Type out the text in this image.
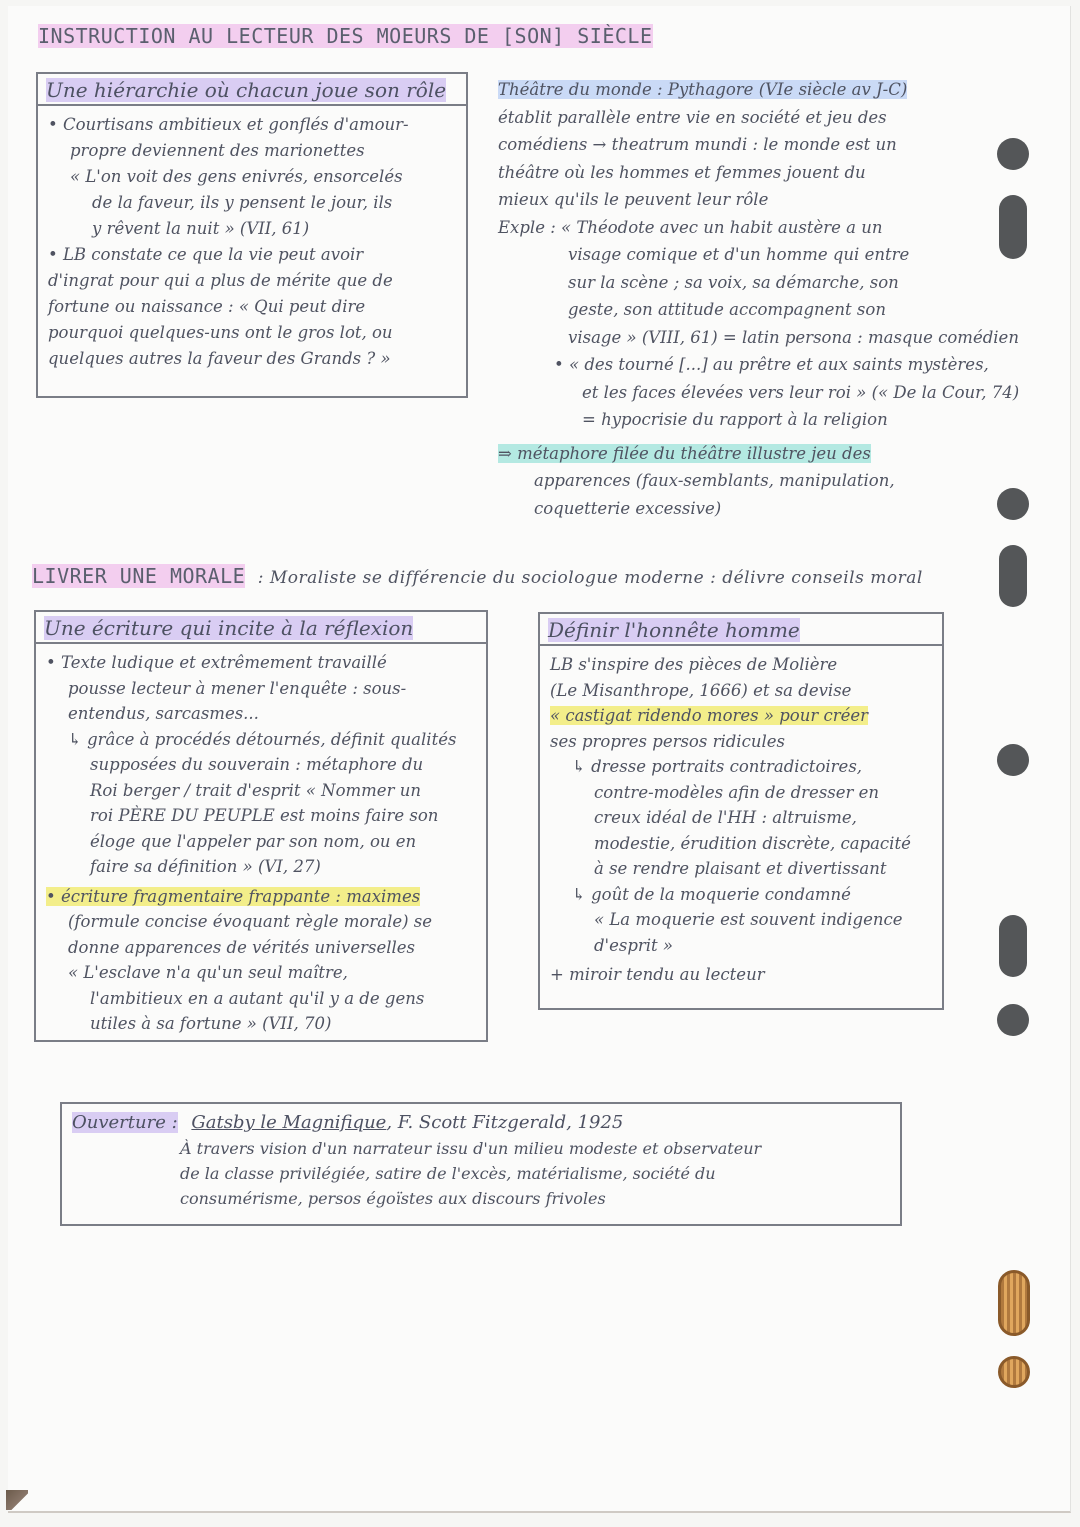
INSTRUCTION AU LECTEUR DES MOEURS DE [SON] SIÈCLE
Une hiérarchie où chacun joue son rôle

• Courtisans ambitieux et gonflés d'amour-

propre deviennent des marionettes

« L'on voit des gens enivrés, ensorcelés

de la faveur, ils y pensent le jour, ils

y rêvent la nuit » (VII, 61)

• LB constate ce que la vie peut avoir

d'ingrat pour qui a plus de mérite que de

fortune ou naissance : « Qui peut dire

pourquoi quelques-uns ont le gros lot, ou

quelques autres la faveur des Grands ? »

Théâtre du monde : Pythagore (VIe siècle av J-C)

établit parallèle entre vie en société et jeu des

comédiens → theatrum mundi : le monde est un

théâtre où les hommes et femmes jouent du

mieux qu'ils le peuvent leur rôle

Exple : « Théodote avec un habit austère a un

visage comique et d'un homme qui entre

sur la scène ; sa voix, sa démarche, son

geste, son attitude accompagnent son

visage » (VIII, 61) = latin persona : masque comédien

• « des tourné [...] au prêtre et aux saints mystères,

et les faces élevées vers leur roi » (« De la Cour, 74)

= hypocrisie du rapport à la religion

⇒ métaphore filée du théâtre illustre jeu des

apparences (faux-semblants, manipulation,

coquetterie excessive)

LIVRER UNE MORALE : Moraliste se différencie du sociologue moderne : délivre conseils moral
Une écriture qui incite à la réflexion

• Texte ludique et extrêmement travaillé

pousse lecteur à mener l'enquête : sous-

entendus, sarcasmes...

↳ grâce à procédés détournés, définit qualités

supposées du souverain : métaphore du

Roi berger / trait d'esprit « Nommer un

roi PÈRE DU PEUPLE est moins faire son

éloge que l'appeler par son nom, ou en

faire sa définition » (VI, 27)

• écriture fragmentaire frappante : maximes

(formule concise évoquant règle morale) se

donne apparences de vérités universelles

« L'esclave n'a qu'un seul maître,

l'ambitieux en a autant qu'il y a de gens

utiles à sa fortune » (VII, 70)

Définir l'honnête homme

LB s'inspire des pièces de Molière

(Le Misanthrope, 1666) et sa devise

« castigat ridendo mores » pour créer

ses propres persos ridicules

↳ dresse portraits contradictoires,

contre-modèles afin de dresser en

creux idéal de l'HH : altruisme,

modestie, érudition discrète, capacité

à se rendre plaisant et divertissant

↳ goût de la moquerie condamné

« La moquerie est souvent indigence

d'esprit »

+ miroir tendu au lecteur

Ouverture : Gatsby le Magnifique, F. Scott Fitzgerald, 1925

À travers vision d'un narrateur issu d'un milieu modeste et observateur

de la classe privilégiée, satire de l'excès, matérialisme, société du

consumérisme, persos égoïstes aux discours frivoles
